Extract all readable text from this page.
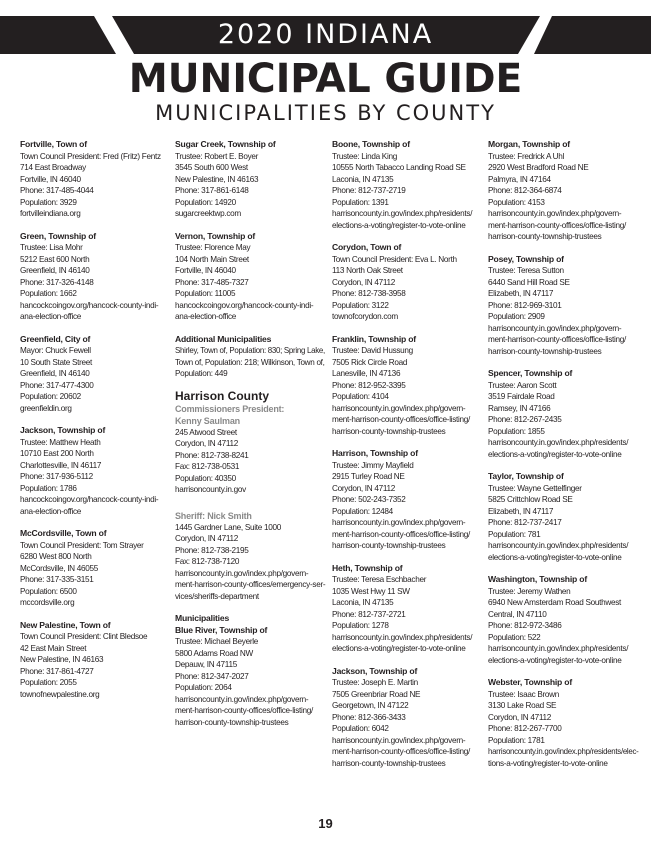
2020 INDIANA
MUNICIPAL GUIDE
MUNICIPALITIES BY COUNTY
Fortville, Town of
Town Council President: Fred (Fritz) Fentz
714 East Broadway
Fortville, IN 46040
Phone: 317-485-4044
Population: 3929
fortvilleindiana.org
Green, Township of
Trustee: Lisa Mohr
5212 East 600 North
Greenfield, IN 46140
Phone: 317-326-4148
Population: 1662
hancockcoingov.org/hancock-county-indi-
ana-election-office
Greenfield, City of
Mayor: Chuck Fewell
10 South State Street
Greenfield, IN 46140
Phone: 317-477-4300
Population: 20602
greenfieldin.org
Jackson, Township of
Trustee: Matthew Heath
10710 East 200 North
Charlottesville, IN 46117
Phone: 317-936-5112
Population: 1786
hancockcoingov.org/hancock-county-indi-
ana-election-office
McCordsville, Town of
Town Council President: Tom Strayer
6280 West 800 North
McCordsville, IN 46055
Phone: 317-335-3151
Population: 6500
mccordsville.org
New Palestine, Town of
Town Council President: Clint Bledsoe
42 East Main Street
New Palestine, IN 46163
Phone: 317-861-4727
Population: 2055
townofnewpalestine.org
Sugar Creek, Township of
Trustee: Robert E. Boyer
3545 South 600 West
New Palestine, IN 46163
Phone: 317-861-6148
Population: 14920
sugarcreektwp.com
Vernon, Township of
Trustee: Florence May
104 North Main Street
Fortville, IN 46040
Phone: 317-485-7327
Population: 11005
hancockcoingov.org/hancock-county-indi-
ana-election-office
Additional Municipalities
Shirley, Town of, Population: 830; Spring Lake,
Town of, Population: 218; Wilkinson, Town of,
Population: 449
Harrison County
Commissioners President:
Kenny Saulman
245 Atwood Street
Corydon, IN 47112
Phone: 812-738-8241
Fax: 812-738-0531
Population: 40350
harrisoncounty.in.gov
Sheriff: Nick Smith
1445 Gardner Lane, Suite 1000
Corydon, IN 47112
Phone: 812-738-2195
Fax: 812-738-7120
harrisoncounty.in.gov/index.php/govern-
ment-harrison-county-offices/emergency-ser-
vices/sheriffs-department
Municipalities
Blue River, Township of
Trustee: Michael Beyerle
5800 Adams Road NW
Depauw, IN 47115
Phone: 812-347-2027
Population: 2064
harrisoncounty.in.gov/index.php/govern-
ment-harrison-county-offices/office-listing/
harrison-county-township-trustees
Boone, Township of
Trustee: Linda King
10555 North Tabacco Landing Road SE
Laconia, IN 47135
Phone: 812-737-2719
Population: 1391
harrisoncounty.in.gov/index.php/residents/
elections-a-voting/register-to-vote-online
Corydon, Town of
Town Council President: Eva L. North
113 North Oak Street
Corydon, IN 47112
Phone: 812-738-3958
Population: 3122
townofcorydon.com
Franklin, Township of
Trustee: David Hussung
7505 Rick Circle Road
Lanesville, IN 47136
Phone: 812-952-3395
Population: 4104
harrisoncounty.in.gov/index.php/govern-
ment-harrison-county-offices/office-listing/
harrison-county-township-trustees
Harrison, Township of
Trustee: Jimmy Mayfield
2915 Turley Road NE
Corydon, IN 47112
Phone: 502-243-7352
Population: 12484
harrisoncounty.in.gov/index.php/govern-
ment-harrison-county-offices/office-listing/
harrison-county-township-trustees
Heth, Township of
Trustee: Teresa Eschbacher
1035 West Hwy 11 SW
Laconia, IN 47135
Phone: 812-737-2721
Population: 1278
harrisoncounty.in.gov/index.php/residents/
elections-a-voting/register-to-vote-online
Jackson, Township of
Trustee: Joseph E. Martin
7505 Greenbriar Road NE
Georgetown, IN 47122
Phone: 812-366-3433
Population: 6042
harrisoncounty.in.gov/index.php/govern-
ment-harrison-county-offices/office-listing/
harrison-county-township-trustees
Morgan, Township of
Trustee: Fredrick A Uhl
2920 West Bradford Road NE
Palmyra, IN 47164
Phone: 812-364-6874
Population: 4153
harrisoncounty.in.gov/index.php/govern-
ment-harrison-county-offices/office-listing/
harrison-county-township-trustees
Posey, Township of
Trustee: Teresa Sutton
6440 Sand Hill Road SE
Elizabeth, IN 47117
Phone: 812-969-3101
Population: 2909
harrisoncounty.in.gov/index.php/govern-
ment-harrison-county-offices/office-listing/
harrison-county-township-trustees
Spencer, Township of
Trustee: Aaron Scott
3519 Fairdale Road
Ramsey, IN 47166
Phone: 812-267-2435
Population: 1855
harrisoncounty.in.gov/index.php/residents/
elections-a-voting/register-to-vote-online
Taylor, Township of
Trustee: Wayne Gettelfinger
5825 Crittchlow Road SE
Elizabeth, IN 47117
Phone: 812-737-2417
Population: 781
harrisoncounty.in.gov/index.php/residents/
elections-a-voting/register-to-vote-online
Washington, Township of
Trustee: Jeremy Wathen
6940 New Amsterdam Road Southwest
Central, IN 47110
Phone: 812-972-3486
Population: 522
harrisoncounty.in.gov/index.php/residents/
elections-a-voting/register-to-vote-online
Webster, Township of
Trustee: Isaac Brown
3130 Lake Road SE
Corydon, IN 47112
Phone: 812-267-7700
Population: 1781
harrisoncounty.in.gov/index.php/residents/elec-
tions-a-voting/register-to-vote-online
19
